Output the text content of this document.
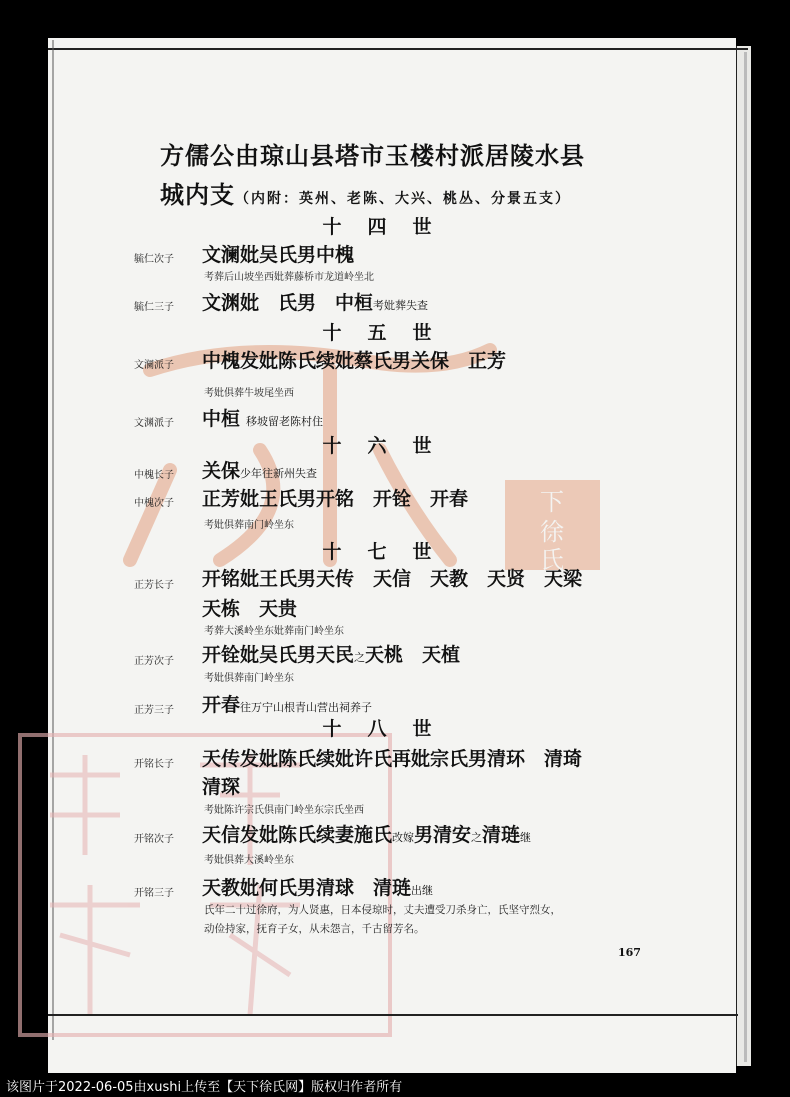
下
徐
氏
方儒公由琼山县塔市玉楼村派居陵水县
城内支（内附：英州、老陈、大兴、桃丛、分景五支）
十四世
毓仁次子 文澜妣吴氏男中槐
考葬后山坡坐西妣葬藤桥市龙道岭坐北
毓仁三子 文渊妣　氏男　中桓考妣葬失查
十五世
文澜派子 中槐发妣陈氏续妣蔡氏男关保　正芳
考妣俱葬牛坡尾坐西
文渊派子 中桓 移坡留老陈村住
十六世
中槐长子 关保少年往新州失查
中槐次子 正芳妣王氏男开铭　开铨　开春
考妣俱葬南门岭坐东
十七世
正芳长子 开铭妣王氏男天传　天信　天教　天贤　天梁
天栋　天贵
考葬大溪岭坐东妣葬南门岭坐东
正芳次子 开铨妣吴氏男天民之天桃　天植
考妣俱葬南门岭坐东
正芳三子 开春往万宁山根青山营出祠养子
十八世
开铭长子 天传发妣陈氏续妣许氏再妣宗氏男清环　清琦
清琛
考妣陈许宗氏俱南门岭坐东宗氏坐西
开铭次子 天信发妣陈氏续妻施氏改嫁男清安之清琏继
考妣俱葬大溪岭坐东
开铭三子 天教妣何氏男清球　清琏出继
氏年二十过徐府，为人贤惠，日本侵琼时，丈夫遭受刀杀身亡，氏坚守烈女，
动俭持家，抚育子女，从未怨言，千古留芳名。
167
该图片于2022-06-05由xushi上传至【天下徐氏网】版权归作者所有
